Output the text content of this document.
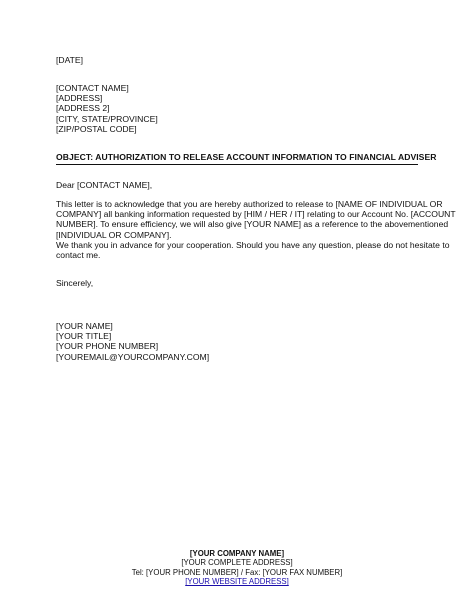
[DATE]
[CONTACT NAME]
[ADDRESS]
[ADDRESS 2]
[CITY, STATE/PROVINCE]
[ZIP/POSTAL CODE]
OBJECT: AUTHORIZATION TO RELEASE ACCOUNT INFORMATION TO FINANCIAL ADVISER
Dear [CONTACT NAME],
This letter is to acknowledge that you are hereby authorized to release to [NAME OF INDIVIDUAL OR
COMPANY] all banking information requested by [HIM / HER / IT] relating to our Account No. [ACCOUNT
NUMBER]. To ensure efficiency, we will also give [YOUR NAME] as a reference to the abovementioned
[INDIVIDUAL OR COMPANY].
We thank you in advance for your cooperation. Should you have any question, please do not hesitate to
contact me.
Sincerely,
[YOUR NAME]
[YOUR TITLE]
[YOUR PHONE NUMBER]
[YOUREMAIL@YOURCOMPANY.COM]
[YOUR COMPANY NAME]
[YOUR COMPLETE ADDRESS]
Tel: [YOUR PHONE NUMBER] / Fax: [YOUR FAX NUMBER]
[YOUR WEBSITE ADDRESS]
